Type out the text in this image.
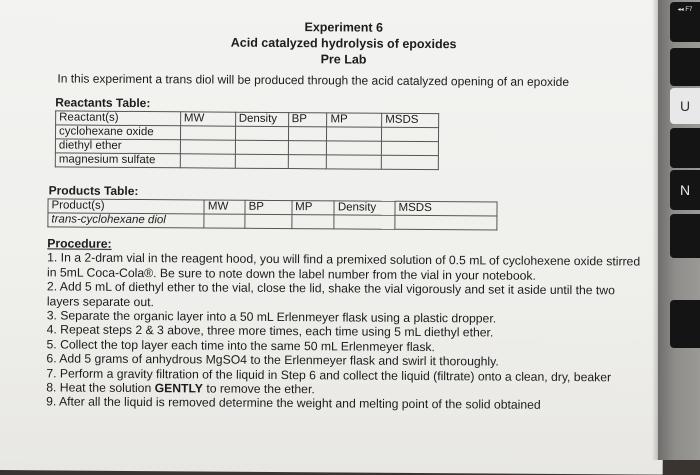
Experiment 6
Acid catalyzed hydrolysis of epoxides
Pre Lab
In this experiment a trans diol will be produced through the acid catalyzed opening of an epoxide
Reactants Table:
Reactant(s)	MW	Density	BP	MP	MSDS
cyclohexane oxide					
diethyl ether					
magnesium sulfate					
Products Table:
Product(s)	MW	BP	MP	Density	MSDS
trans-cyclohexane diol					
Procedure:

1. In a 2-dram vial in the reagent hood, you will find a premixed solution of 0.5 mL of cyclohexene oxide stirred in 5mL Coca-Cola®. Be sure to note down the label number from the vial in your notebook.

2. Add 5 mL of diethyl ether to the vial, close the lid, shake the vial vigorously and set it aside until the two layers separate out.

3. Separate the organic layer into a 50 mL Erlenmeyer flask using a plastic dropper.

4. Repeat steps 2 & 3 above, three more times, each time using 5 mL diethyl ether.

5. Collect the top layer each time into the same 50 mL Erlenmeyer flask.

6. Add 5 grams of anhydrous MgSO4 to the Erlenmeyer flask and swirl it thoroughly.

7. Perform a gravity filtration of the liquid in Step 6 and collect the liquid (filtrate) onto a clean, dry, beaker

8. Heat the solution GENTLY to remove the ether.

9. After all the liquid is removed determine the weight and melting point of the solid obtained

◂◂ F7
U
N
